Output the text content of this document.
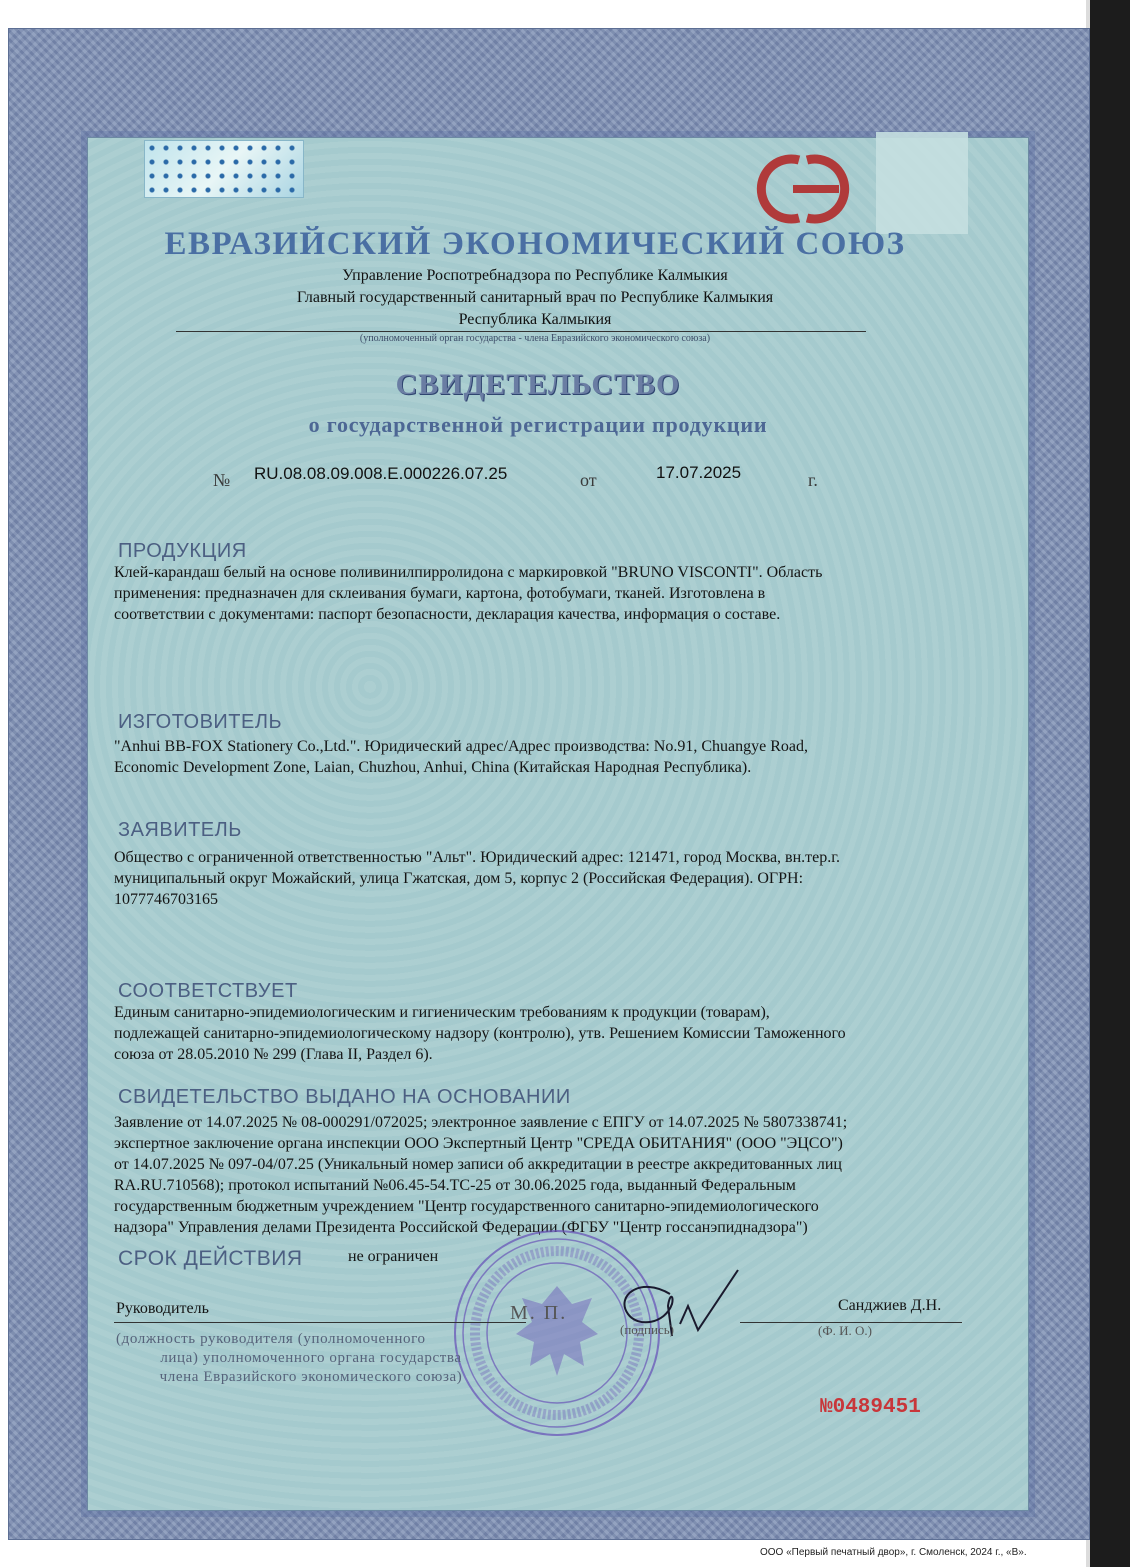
ЕВРАЗИЙСКИЙ ЭКОНОМИЧЕСКИЙ СОЮЗ
Управление Роспотребнадзора по Республике Калмыкия
Главный государственный санитарный врач по Республике Калмыкия
Республика Калмыкия
(уполномоченный орган государства - члена Евразийского экономического союза)
СВИДЕТЕЛЬСТВО
о государственной регистрации продукции
№ RU.08.08.09.008.E.000226.07.25	от	17.07.2025	г.
ПРОДУКЦИЯ
Клей-карандаш белый на основе поливинилпирролидона с маркировкой "BRUNO VISCONTI". Область
применения: предназначен для склеивания бумаги, картона, фотобумаги, тканей. Изготовлена в
соответствии с документами: паспорт безопасности, декларация качества, информация о составе.
ИЗГОТОВИТЕЛЬ
"Anhui BB-FOX Stationery Co.,Ltd.". Юридический адрес/Адрес производства: No.91, Chuangye Road,
Economic Development Zone, Laian, Chuzhou, Anhui, China (Китайская Народная Республика).
ЗАЯВИТЕЛЬ
Общество с ограниченной ответственностью "Альт". Юридический адрес: 121471, город Москва, вн.тер.г.
муниципальный округ Можайский, улица Гжатская, дом 5, корпус 2 (Российская Федерация). ОГРН:
1077746703165
СООТВЕТСТВУЕТ
Единым санитарно-эпидемиологическим и гигиеническим требованиям к продукции (товарам),
подлежащей санитарно-эпидемиологическому надзору (контролю), утв. Решением Комиссии Таможенного
союза от 28.05.2010 № 299 (Глава II, Раздел 6).
СВИДЕТЕЛЬСТВО ВЫДАНО НА ОСНОВАНИИ
Заявление от 14.07.2025 № 08-000291/072025; электронное заявление с ЕПГУ от 14.07.2025 № 5807338741;
экспертное заключение органа инспекции ООО Экспертный Центр "СРЕДА ОБИТАНИЯ" (ООО "ЭЦСО")
от 14.07.2025 № 097-04/07.25 (Уникальный номер записи об аккредитации в реестре аккредитованных лиц
RA.RU.710568); протокол испытаний №06.45-54.ТС-25 от 30.06.2025 года, выданный Федеральным
государственным бюджетным учреждением "Центр государственного санитарно-эпидемиологического
надзора" Управления делами Президента Российской Федерации (ФГБУ "Центр госсанэпиднадзора")
СРОК ДЕЙСТВИЯ	не ограничен
Руководитель	М. П.
(подпись)	(Ф. И. О.)
Санджиев Д.Н.
(должность руководителя (уполномоченного
лица) уполномоченного органа государства
члена Евразийского экономического союза)
№0489451
ООО «Первый печатный двор», г. Смоленск, 2024 г., «В».
